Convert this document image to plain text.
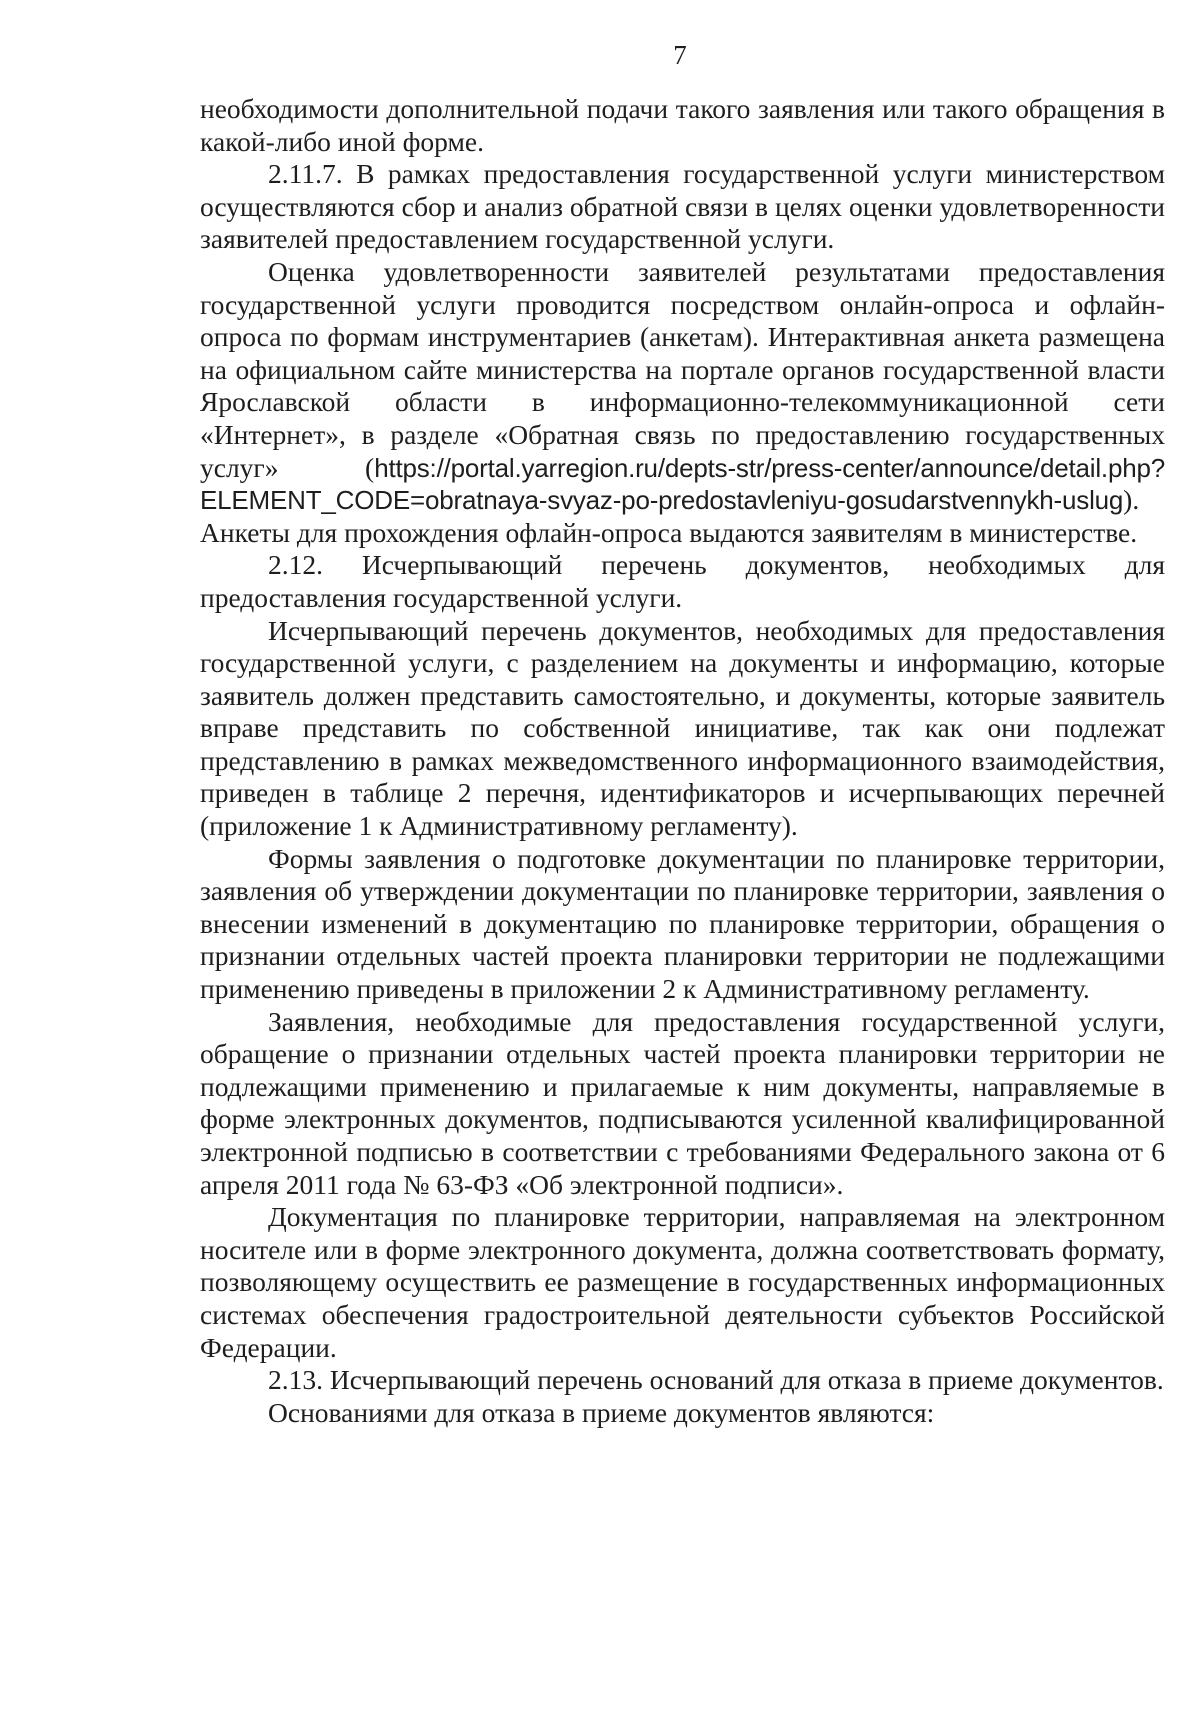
7

необходимости дополнительной подачи такого заявления или такого обращения в какой-либо иной форме.

2.11.7. В рамках предоставления государственной услуги министерством осуществляются сбор и анализ обратной связи в целях оценки удовлетворенности заявителей предоставлением государственной услуги.

Оценка удовлетворенности заявителей результатами предоставления государственной услуги проводится посредством онлайн-опроса и офлайн-опроса по формам инструментариев (анкетам). Интерактивная анкета размещена на официальном сайте министерства на портале органов государственной власти Ярославской области в информационно-телекоммуникационной сети «Интернет», в разделе «Обратная связь по предоставлению государственных услуг» (https://portal.yarregion.ru/depts-str/press-center/announce/detail.php?ELEMENT_CODE=obratnaya-svyaz-po-predostavleniyu-gosudarstvennykh-uslug). Анкеты для прохождения офлайн-опроса выдаются заявителям в министерстве.

2.12. Исчерпывающий перечень документов, необходимых для предоставления государственной услуги.

Исчерпывающий перечень документов, необходимых для предоставления государственной услуги, с разделением на документы и информацию, которые заявитель должен представить самостоятельно, и документы, которые заявитель вправе представить по собственной инициативе, так как они подлежат представлению в рамках межведомственного информационного взаимодействия, приведен в таблице 2 перечня, идентификаторов и исчерпывающих перечней (приложение 1 к Административному регламенту).

Формы заявления о подготовке документации по планировке территории, заявления об утверждении документации по планировке территории, заявления о внесении изменений в документацию по планировке территории, обращения о признании отдельных частей проекта планировки территории не подлежащими применению приведены в приложении 2 к Административному регламенту.

Заявления, необходимые для предоставления государственной услуги, обращение о признании отдельных частей проекта планировки территории не подлежащими применению и прилагаемые к ним документы, направляемые в форме электронных документов, подписываются усиленной квалифицированной электронной подписью в соответствии с требованиями Федерального закона от 6 апреля 2011 года № 63-ФЗ «Об электронной подписи».

Документация по планировке территории, направляемая на электронном носителе или в форме электронного документа, должна соответствовать формату, позволяющему осуществить ее размещение в государственных информационных системах обеспечения градостроительной деятельности субъектов Российской Федерации.

2.13. Исчерпывающий перечень оснований для отказа в приеме документов.

Основаниями для отказа в приеме документов являются:
